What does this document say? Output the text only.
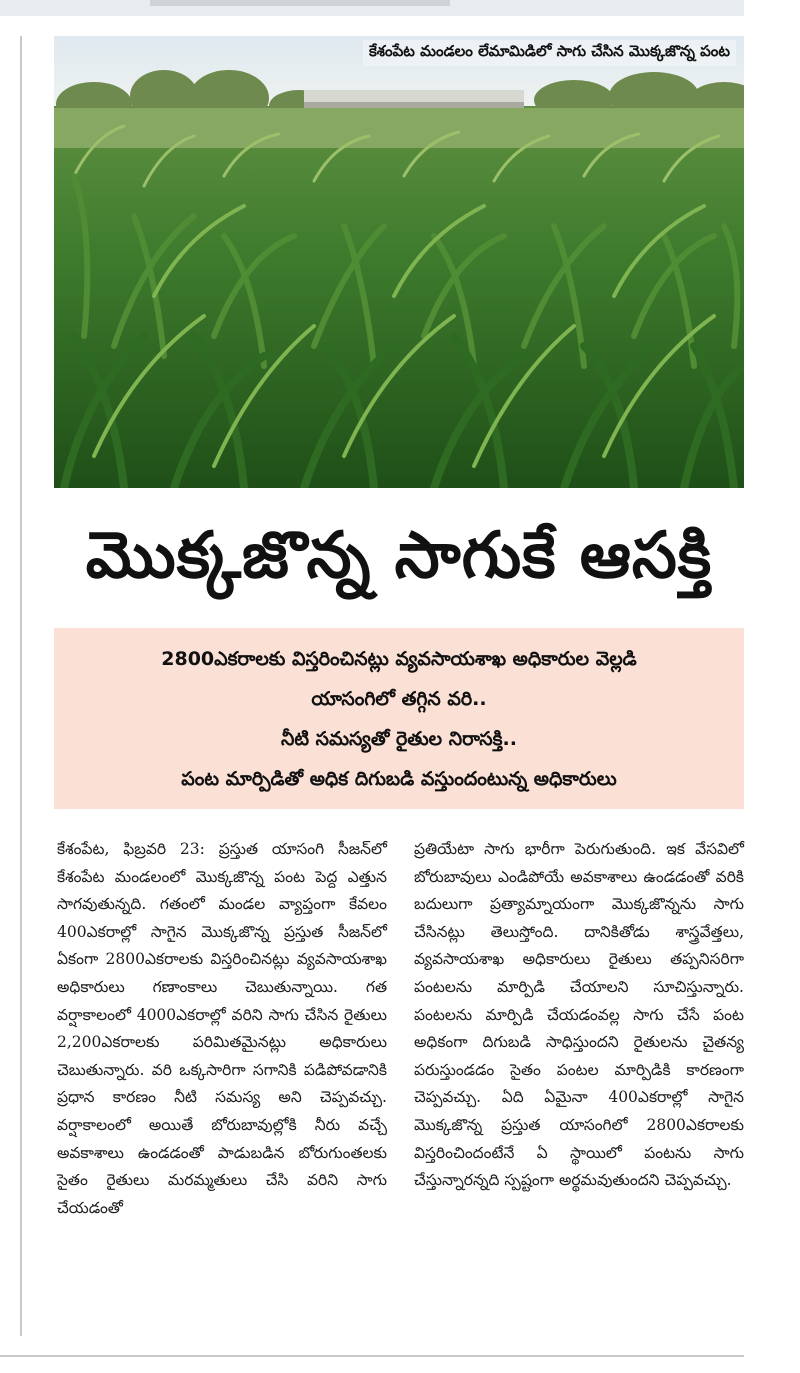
కేశంపేట మండలం లేమామిడిలో సాగు చేసిన మొక్కజొన్న పంట
మొక్కజొన్న సాగుకే ఆసక్తి
2800ఎకరాలకు విస్తరించినట్లు వ్యవసాయశాఖ అధికారుల వెల్లడి
యాసంగిలో తగ్గిన వరి..
నీటి సమస్యతో రైతుల నిరాసక్తి..
పంట మార్పిడితో అధిక దిగుబడి వస్తుందంటున్న అధికారులు
కేశంపేట, ఫిబ్రవరి 23: ప్రస్తుత యాసంగి సీజన్‌లో కేశంపేట మండలంలో మొక్కజొన్న పంట పెద్ద ఎత్తున సాగవుతున్నది. గతంలో మండల వ్యాప్తంగా కేవలం 400ఎకరాల్లో సాగైన మొక్కజొన్న ప్రస్తుత సీజన్‌లో ఏకంగా 2800ఎకరాలకు విస్తరించినట్లు వ్యవసాయశాఖ అధికారులు గణాంకాలు చెబుతున్నాయి. గత వర్షాకాలంలో 4000ఎకరాల్లో వరిని సాగు చేసిన రైతులు 2,200ఎకరాలకు పరిమితమైనట్లు అధికారులు చెబుతున్నారు. వరి ఒక్కసారిగా సగానికి పడిపోవడానికి ప్రధాన కారణం నీటి సమస్య అని చెప్పవచ్చు. వర్షాకాలంలో అయితే బోరుబావుల్లోకి నీరు వచ్చే అవకాశాలు ఉండడంతో పాడుబడిన బోరుగుంతలకు సైతం రైతులు మరమ్మతులు చేసి వరిని సాగు చేయడంతో
ప్రతియేటా సాగు భారీగా పెరుగుతుంది. ఇక వేసవిలో బోరుబావులు ఎండిపోయే అవకాశాలు ఉండడంతో వరికి బదులుగా ప్రత్యామ్నాయంగా మొక్కజొన్నను సాగు చేసినట్లు తెలుస్తోంది. దానికితోడు శాస్త్రవేత్తలు, వ్యవసాయశాఖ అధికారులు రైతులు తప్పనిసరిగా పంటలను మార్పిడి చేయాలని సూచిస్తున్నారు. పంటలను మార్పిడి చేయడంవల్ల సాగు చేసే పంట అధికంగా దిగుబడి సాధిస్తుందని రైతులను చైతన్య పరుస్తుండడం సైతం పంటల మార్పిడికి కారణంగా చెప్పవచ్చు. ఏది ఏమైనా 400ఎకరాల్లో సాగైన మొక్కజొన్న ప్రస్తుత యాసంగిలో 2800ఎకరాలకు విస్తరించిందంటేనే ఏ స్థాయిలో పంటను సాగు చేస్తున్నారన్నది స్పష్టంగా అర్థమవుతుందని చెప్పవచ్చు.
